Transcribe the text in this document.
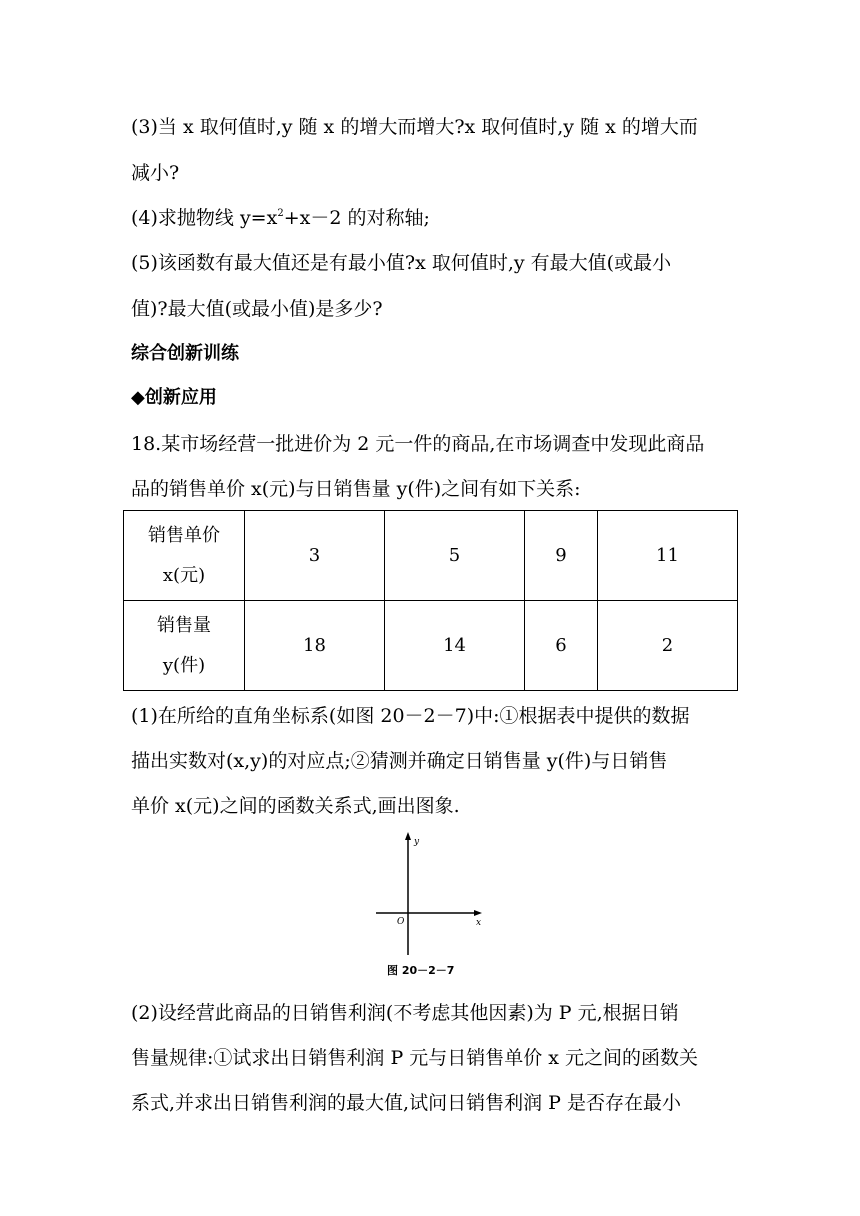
(3)当 x 取何值时,y 随 x 的增大而增大?x 取何值时,y 随 x 的增大而
减小?
(4)求抛物线 $y=x^2+x-2$ 的对称轴;
(5)该函数有最大值还是有最小值?x 取何值时,y 有最大值(或最小
值)?最大值(或最小值)是多少?
综合创新训练
◆创新应用
18.某市场经营一批进价为 2 元一件的商品,在市场调查中发现此商品
品的销售单价 x(元)与日销售量 y(件)之间有如下关系:
销售单价
x(元)	3	5	9	11

销售量
y(件)	18	14	6	2
(1)在所给的直角坐标系(如图 20－2－7)中:①根据表中提供的数据
描出实数对(x,y)的对应点;②猜测并确定日销售量 y(件)与日销售
单价 x(元)之间的函数关系式,画出图象.
y
x
O
图 20－2－7
(2)设经营此商品的日销售利润(不考虑其他因素)为 P 元,根据日销
售量规律:①试求出日销售利润 P 元与日销售单价 x 元之间的函数关
系式,并求出日销售利润的最大值,试问日销售利润 P 是否存在最小
